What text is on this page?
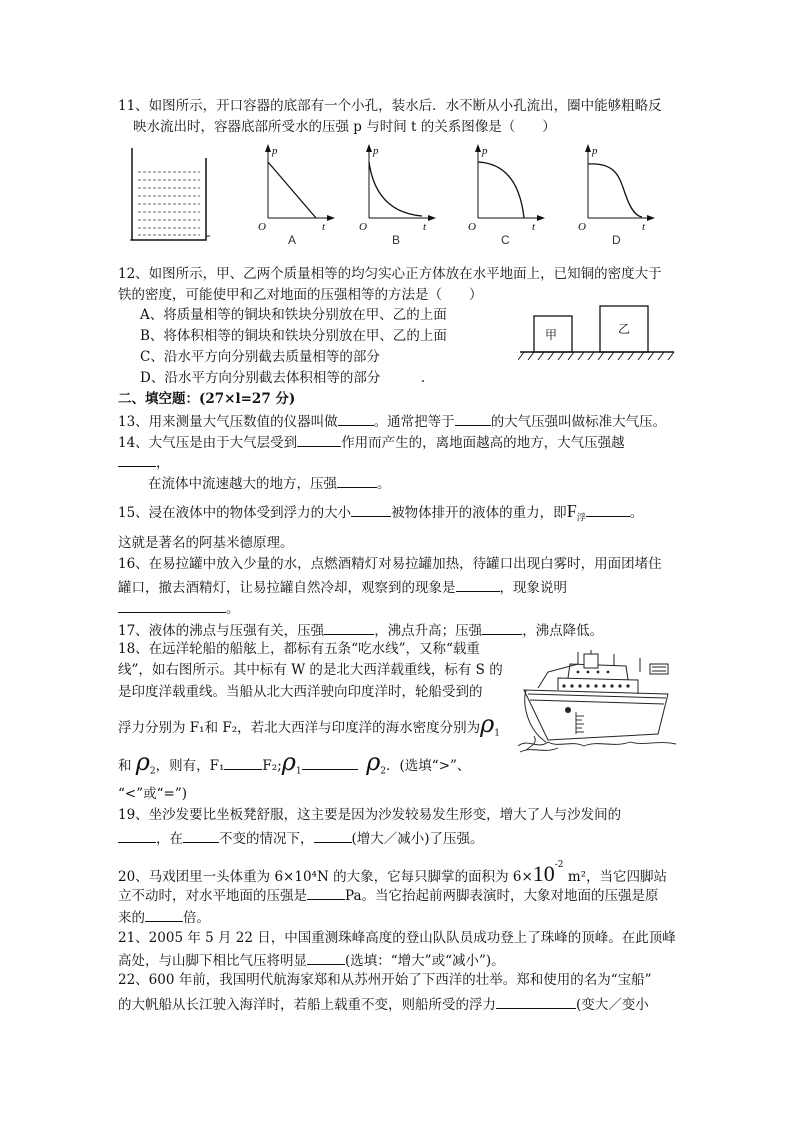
11、如图所示，开口容器的底部有一个小孔，装水后．水不断从小孔流出，圈中能够粗略反
映水流出时，容器底部所受水的压强 p 与时间 t 的关系图像是（　　）
p
O	t
A
p
O	t
B
p
O	t
C
p
O	t
D
12、如图所示，甲、乙两个质量相等的均匀实心正方体放在水平地面上，已知铜的密度大于
铁的密度，可能使甲和乙对地面的压强相等的方法是（　　）
A、将质量相等的铜块和铁块分别放在甲、乙的上面
B、将体积相等的铜块和铁块分别放在甲、乙的上面
C、沿水平方向分别截去质量相等的部分
D、沿水平方向分别截去体积相等的部分　　　.
甲	乙
二、填空题：(27×l=27 分)
13、用来测量大气压数值的仪器叫做	。通常把等于	的大气压强叫做标准大气压。
14、大气压是由于大气层受到	作用而产生的，离地面越高的地方，大气压强越
，
在流体中流速越大的地方，压强	。
15、浸在液体中的物体受到浮力的大小	被物体排开的液体的重力，即$F_浮$	。
这就是著名的阿基米德原理。
16、在易拉罐中放入少量的水，点燃酒精灯对易拉罐加热，待罐口出现白雾时，用面团堵住
罐口，撤去酒精灯，让易拉罐自然冷却，观察到的现象是	，现象说明
。
17、液体的沸点与压强有关，压强	，沸点升高；压强	，沸点降低。
18、在远洋轮船的船舷上，都标有五条“吃水线”，又称“载重
线”，如右图所示。其中标有 W 的是北大西洋载重线，标有 S 的
是印度洋载重线。当船从北大西洋驶向印度洋时，轮船受到的
浮力分别为 F₁和 F₂，若北大西洋与印度洋的海水密度分别为$\rho_1$
和 $\rho_2$，则有，F₁	$F_2;\rho_1$	$\rho_2$．(选填“>”、
“<”或“=”)
19、坐沙发要比坐板凳舒服，这主要是因为沙发较易发生形变，增大了人与沙发间的
，在	不变的情况下，	(增大／减小)了压强。
20、马戏团里一头体重为 6×10⁴N 的大象，它每只脚掌的面积为 $6\times 10^{-2}$ m²，当它四脚站
立不动时，对水平地面的压强是	Pa。当它抬起前两脚表演时，大象对地面的压强是原
来的	倍。
21、2005 年 5 月 22 日，中国重测珠峰高度的登山队队员成功登上了珠峰的顶峰。在此顶峰
高处，与山脚下相比气压将明显	(选填：“增大”或“减小”)。
22、600 年前，我国明代航海家郑和从苏州开始了下西洋的壮举。郑和使用的名为“宝船”
的大帆船从长江驶入海洋时，若船上载重不变，则船所受的浮力	(变大／变小
